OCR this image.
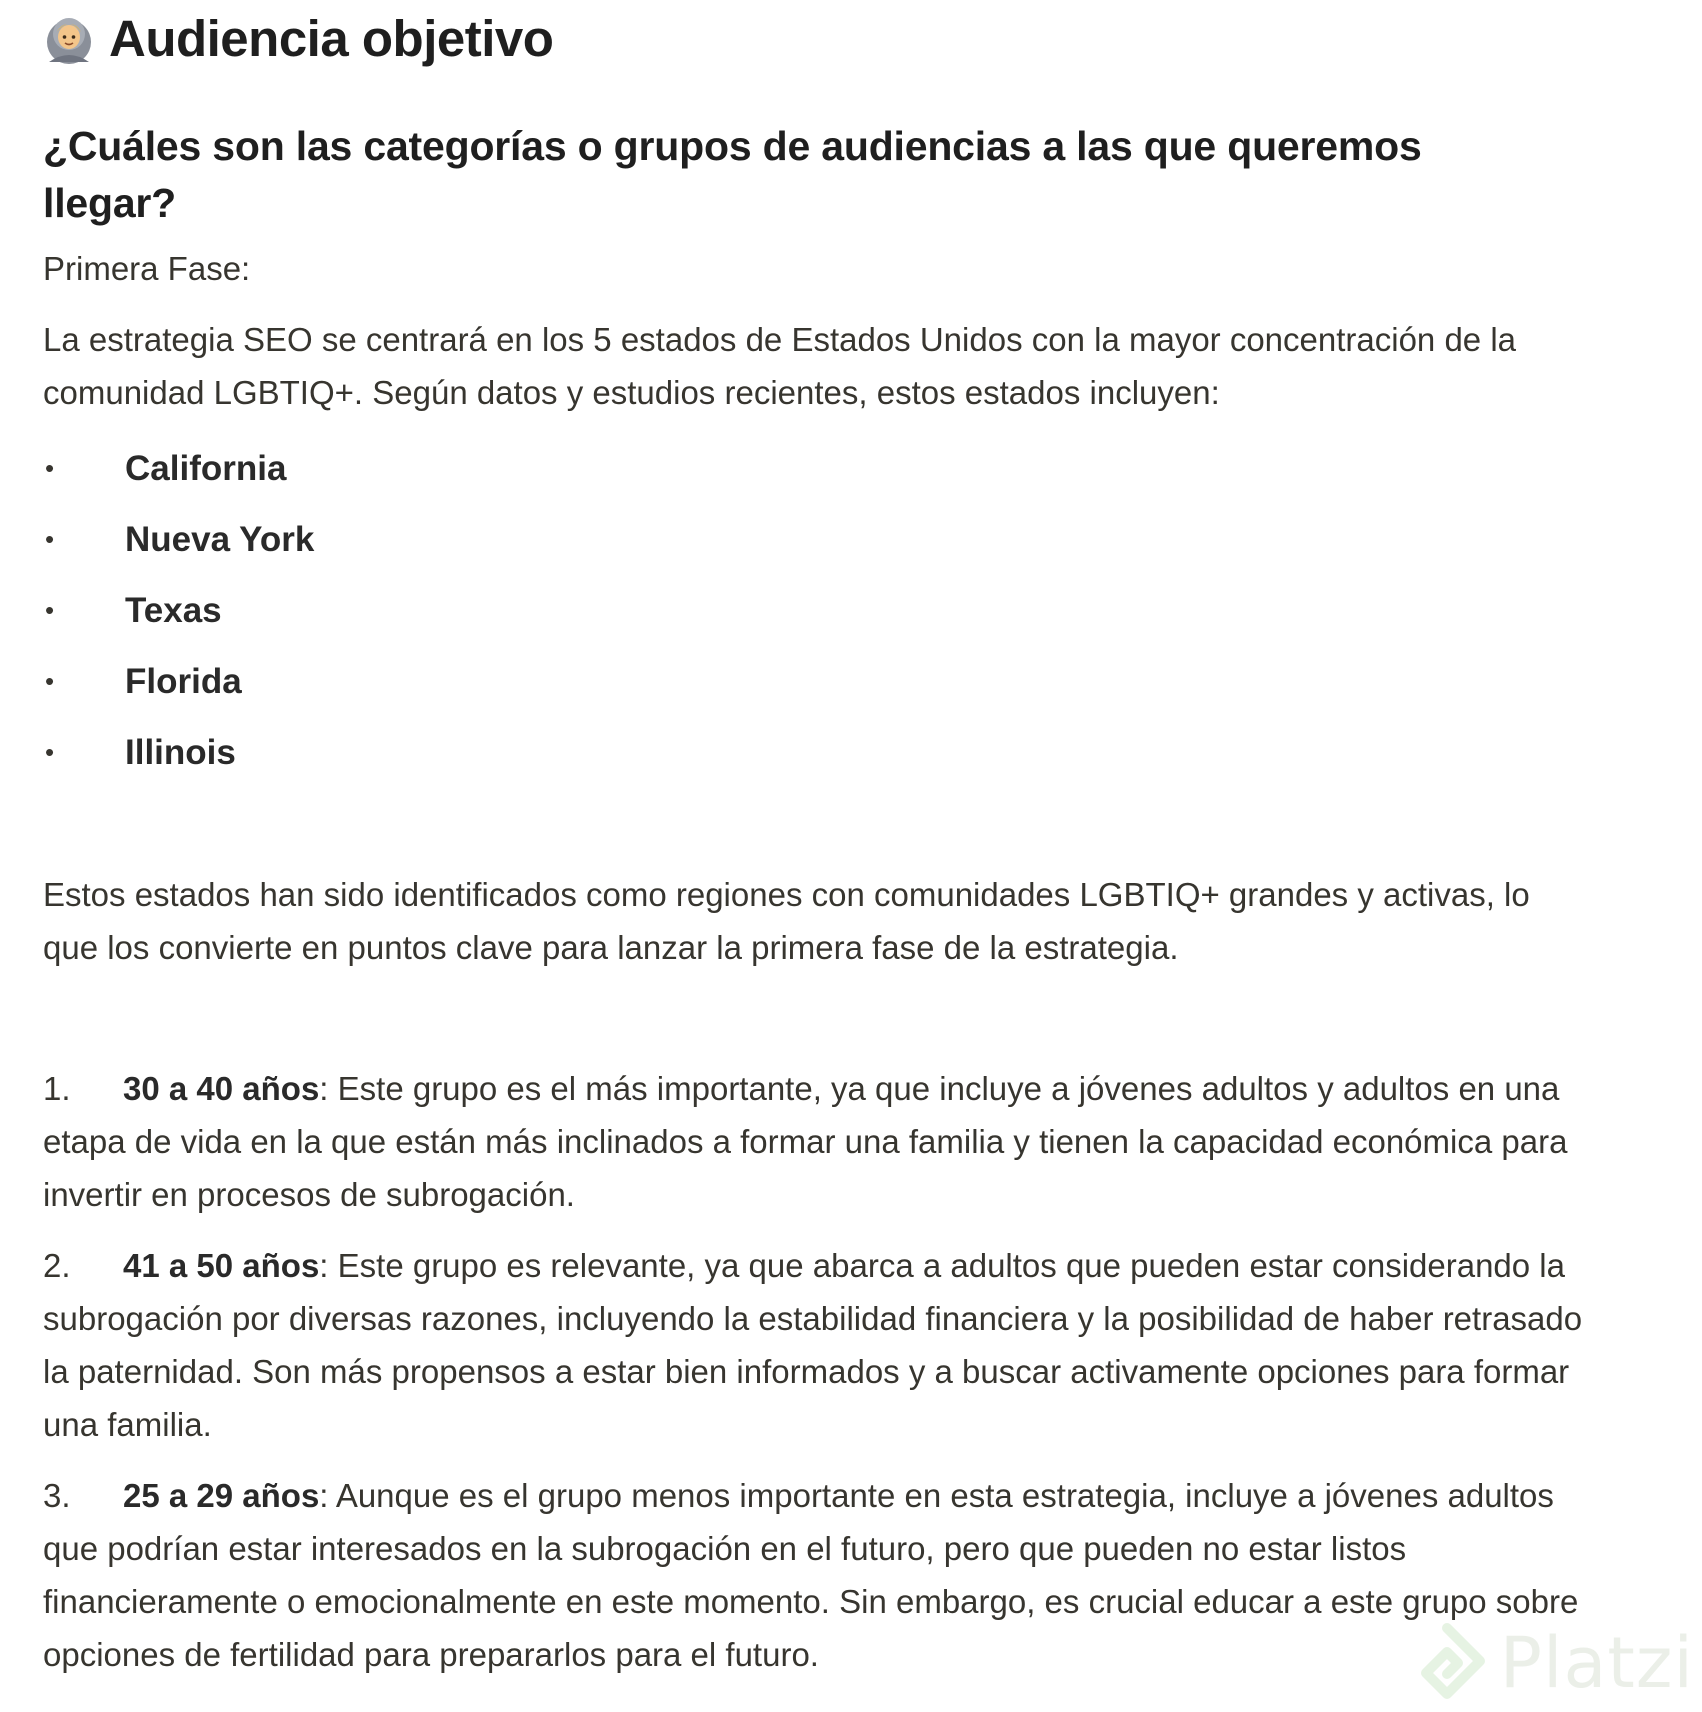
Audiencia objetivo
¿Cuáles son las categorías o grupos de audiencias a las que queremos llegar?
Primera Fase:
La estrategia SEO se centrará en los 5 estados de Estados Unidos con la mayor concentración de la comunidad LGBTIQ+. Según datos y estudios recientes, estos estados incluyen:
•	California
•	Nueva York
•	Texas
•	Florida
•	Illinois
Estos estados han sido identificados como regiones con comunidades LGBTIQ+ grandes y activas, lo que los convierte en puntos clave para lanzar la primera fase de la estrategia.
1. 30 a 40 años: Este grupo es el más importante, ya que incluye a jóvenes adultos y adultos en una etapa de vida en la que están más inclinados a formar una familia y tienen la capacidad económica para invertir en procesos de subrogación.
2. 41 a 50 años: Este grupo es relevante, ya que abarca a adultos que pueden estar considerando la subrogación por diversas razones, incluyendo la estabilidad financiera y la posibilidad de haber retrasado la paternidad. Son más propensos a estar bien informados y a buscar activamente opciones para formar una familia.
3. 25 a 29 años: Aunque es el grupo menos importante en esta estrategia, incluye a jóvenes adultos que podrían estar interesados en la subrogación en el futuro, pero que pueden no estar listos financieramente o emocionalmente en este momento. Sin embargo, es crucial educar a este grupo sobre opciones de fertilidad para prepararlos para el futuro.	Platzi
